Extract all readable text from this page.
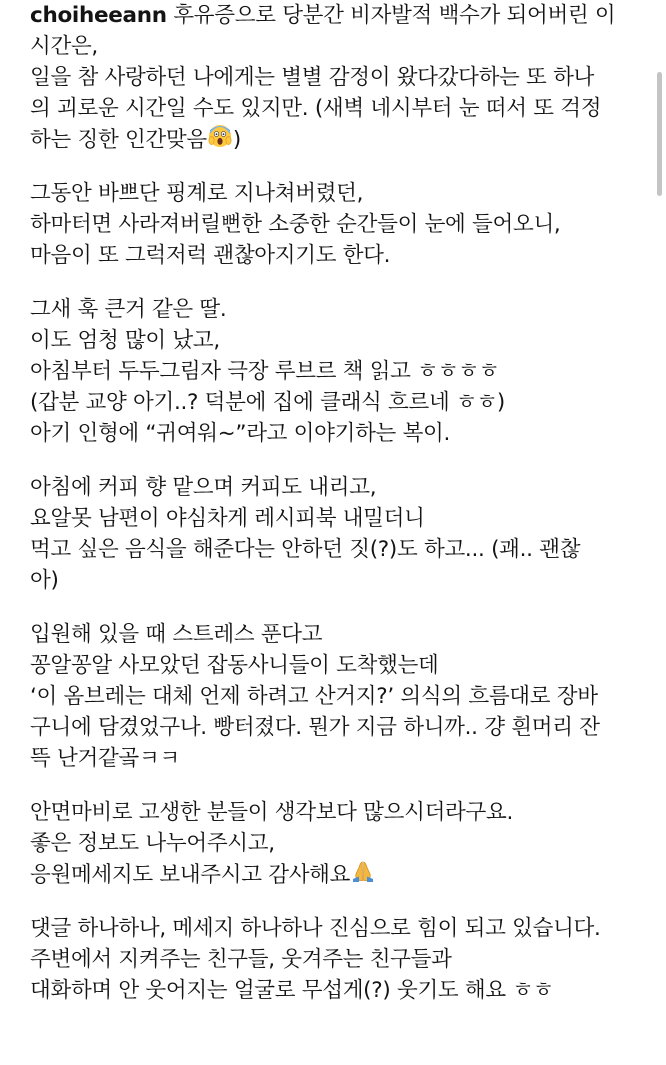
choiheeann 후유증으로 당분간 비자발적 백수가 되어버린 이
시간은,
일을 참 사랑하던 나에게는 별별 감정이 왔다갔다하는 또 하나
의 괴로운 시간일 수도 있지만. (새벽 네시부터 눈 떠서 또 걱정
하는 징한 인간맞음 )
그동안 바쁘단 핑계로 지나쳐버렸던,
하마터면 사라져버릴뻔한 소중한 순간들이 눈에 들어오니,
마음이 또 그럭저럭 괜찮아지기도 한다.
그새 훅 큰거 같은 딸.
이도 엄청 많이 났고,
아침부터 두두그림자 극장 루브르 책 읽고 ㅎㅎㅎㅎ
(갑분 교양 아기..? 덕분에 집에 클래식 흐르네 ㅎㅎ)
아기 인형에 “귀여워~”라고 이야기하는 복이.
아침에 커피 향 맡으며 커피도 내리고,
요알못 남편이 야심차게 레시피북 내밀더니
먹고 싶은 음식을 해준다는 안하던 짓(?)도 하고... (괘.. 괜찮
아)
입원해 있을 때 스트레스 푼다고
꽁알꽁알 사모았던 잡동사니들이 도착했는데
‘이 옴브레는 대체 언제 하려고 산거지?’ 의식의 흐름대로 장바
구니에 담겼었구나. 빵터졌다. 뭔가 지금 하니까.. 걍 흰머리 잔
뜩 난거같곸ㅋㅋ
안면마비로 고생한 분들이 생각보다 많으시더라구요.
좋은 정보도 나누어주시고,
응원메세지도 보내주시고 감사해요
댓글 하나하나, 메세지 하나하나 진심으로 힘이 되고 있습니다.
주변에서 지켜주는 친구들, 웃겨주는 친구들과
대화하며 안 웃어지는 얼굴로 무섭게(?) 웃기도 해요 ㅎㅎ
